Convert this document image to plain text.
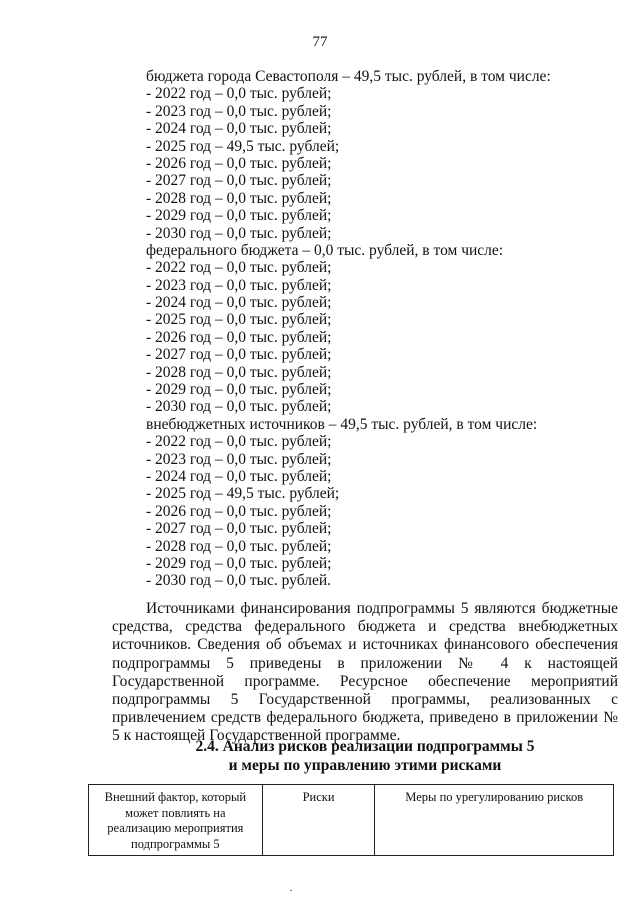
77
бюджета города Севастополя – 49,5 тыс. рублей, в том числе:
- 2022 год – 0,0 тыс. рублей;
- 2023 год – 0,0 тыс. рублей;
- 2024 год – 0,0 тыс. рублей;
- 2025 год – 49,5 тыс. рублей;
- 2026 год – 0,0 тыс. рублей;
- 2027 год – 0,0 тыс. рублей;
- 2028 год – 0,0 тыс. рублей;
- 2029 год – 0,0 тыс. рублей;
- 2030 год – 0,0 тыс. рублей;
федерального бюджета – 0,0 тыс. рублей, в том числе:
- 2022 год – 0,0 тыс. рублей;
- 2023 год – 0,0 тыс. рублей;
- 2024 год – 0,0 тыс. рублей;
- 2025 год – 0,0 тыс. рублей;
- 2026 год – 0,0 тыс. рублей;
- 2027 год – 0,0 тыс. рублей;
- 2028 год – 0,0 тыс. рублей;
- 2029 год – 0,0 тыс. рублей;
- 2030 год – 0,0 тыс. рублей;
внебюджетных источников – 49,5 тыс. рублей, в том числе:
- 2022 год – 0,0 тыс. рублей;
- 2023 год – 0,0 тыс. рублей;
- 2024 год – 0,0 тыс. рублей;
- 2025 год – 49,5 тыс. рублей;
- 2026 год – 0,0 тыс. рублей;
- 2027 год – 0,0 тыс. рублей;
- 2028 год – 0,0 тыс. рублей;
- 2029 год – 0,0 тыс. рублей;
- 2030 год – 0,0 тыс. рублей.
Источниками финансирования подпрограммы 5 являются бюджетные средства, средства федерального бюджета и средства внебюджетных источников. Сведения об объемах и источниках финансового обеспечения подпрограммы 5 приведены в приложении № 4 к настоящей Государственной программе. Ресурсное обеспечение мероприятий подпрограммы 5 Государственной программы, реализованных с привлечением средств федерального бюджета, приведено в приложении № 5 к настоящей Государственной программе.
2.4. Анализ рисков реализации подпрограммы 5
и меры по управлению этими рисками
Внешний фактор, который может повлиять на реализацию мероприятия подпрограммы 5	Риски	Меры по урегулированию рисков
